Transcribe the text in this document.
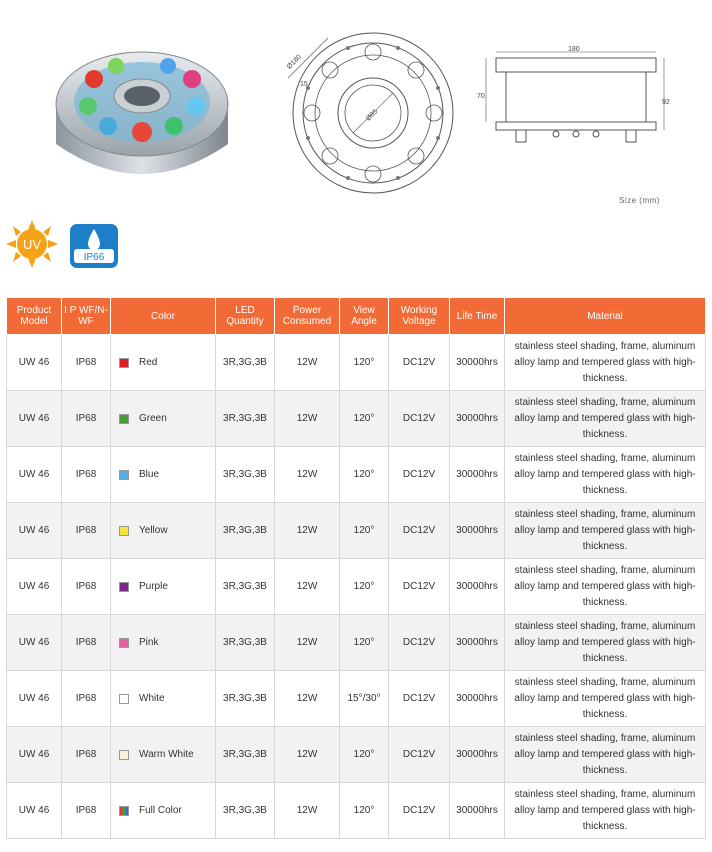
Ø180
15
Ø85
180
70
92
Size (mm)
UV
IP66
Product Model	I P WF/N-WF	Color	LED Quantity	Power Consumed	View Angle	Working Voltage	Life Time	Material
UW 46	IP68	Red	3R,3G,3B	12W	120°	DC12V	30000hrs	stainless steel shading, frame, aluminum alloy lamp and tempered glass with high-thickness.
UW 46	IP68	Green	3R,3G,3B	12W	120°	DC12V	30000hrs	stainless steel shading, frame, aluminum alloy lamp and tempered glass with high-thickness.
UW 46	IP68	Blue	3R,3G,3B	12W	120°	DC12V	30000hrs	stainless steel shading, frame, aluminum alloy lamp and tempered glass with high-thickness.
UW 46	IP68	Yellow	3R,3G,3B	12W	120°	DC12V	30000hrs	stainless steel shading, frame, aluminum alloy lamp and tempered glass with high-thickness.
UW 46	IP68	Purple	3R,3G,3B	12W	120°	DC12V	30000hrs	stainless steel shading, frame, aluminum alloy lamp and tempered glass with high-thickness.
UW 46	IP68	Pink	3R,3G,3B	12W	120°	DC12V	30000hrs	stainless steel shading, frame, aluminum alloy lamp and tempered glass with high-thickness.
UW 46	IP68	White	3R,3G,3B	12W	15°/30°	DC12V	30000hrs	stainless steel shading, frame, aluminum alloy lamp and tempered glass with high-thickness.
UW 46	IP68	Warm White	3R,3G,3B	12W	120°	DC12V	30000hrs	stainless steel shading, frame, aluminum alloy lamp and tempered glass with high-thickness.
UW 46	IP68	Full Color	3R,3G,3B	12W	120°	DC12V	30000hrs	stainless steel shading, frame, aluminum alloy lamp and tempered glass with high-thickness.
